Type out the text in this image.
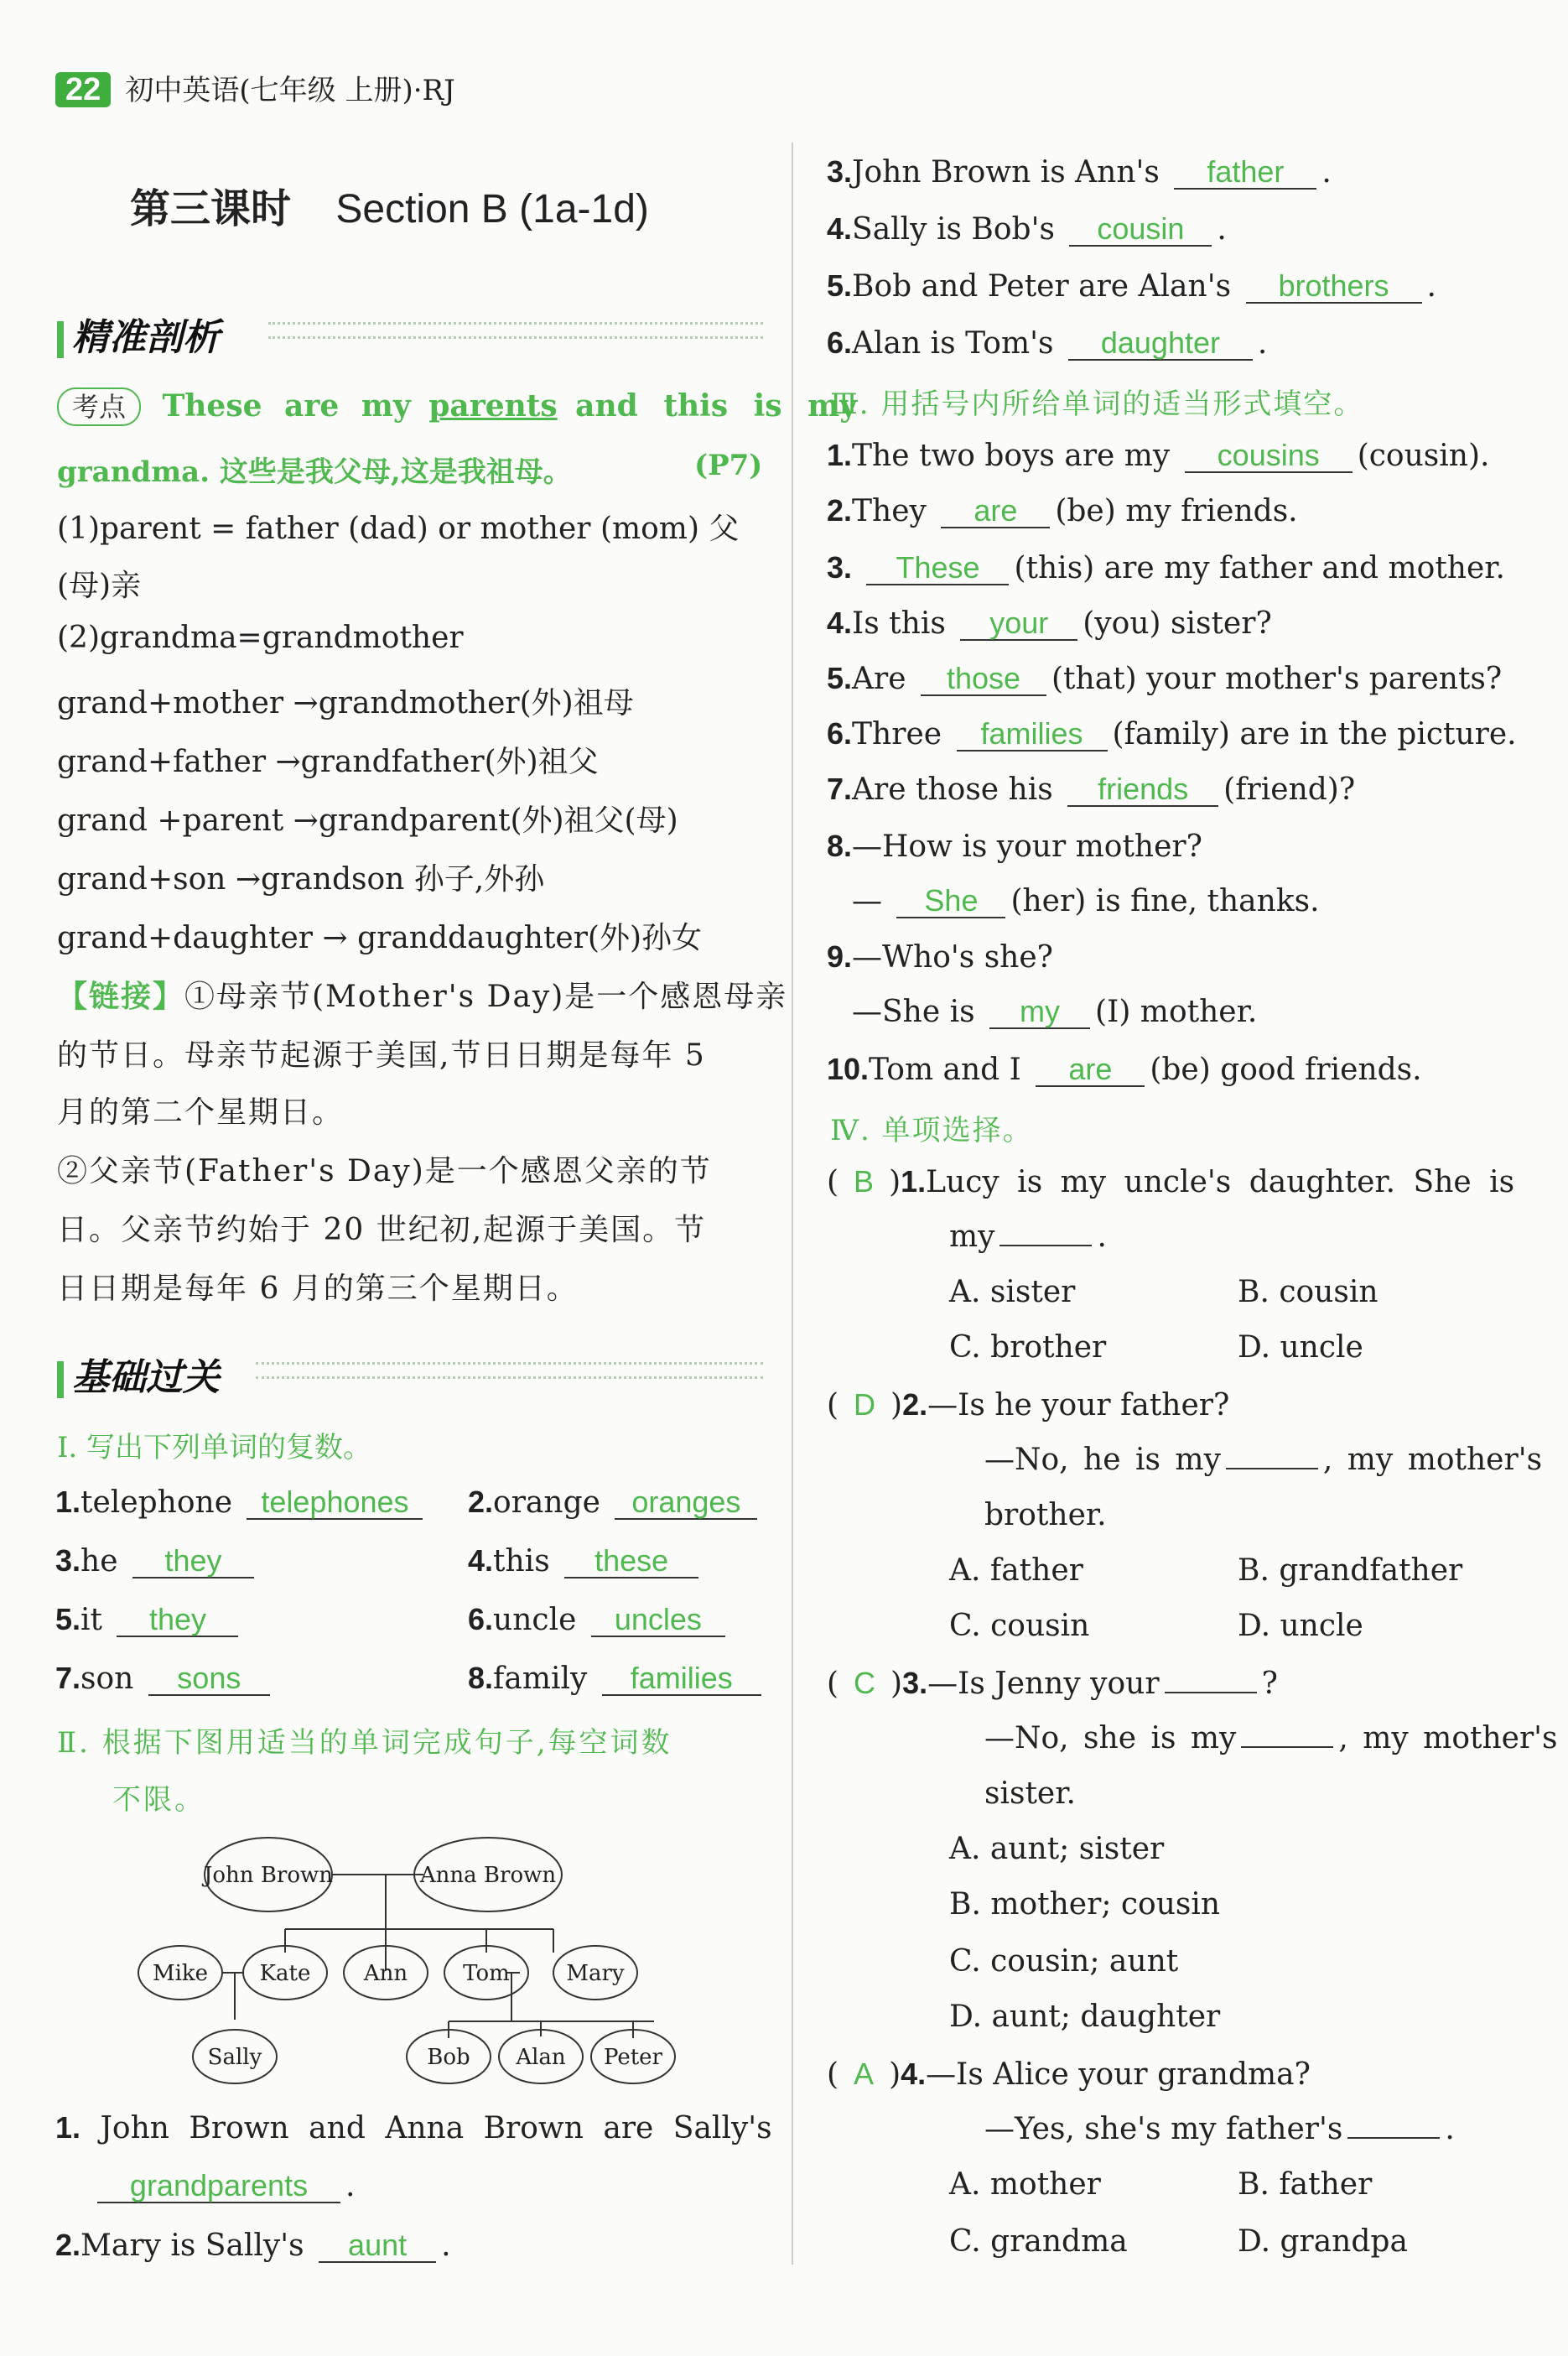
22 初中英语(七年级 上册)·RJ
第三课时 Section B (1a-1d)
精准剖析
考点 These are my parents and this is my
grandma. 这些是我父母,这是我祖母。	(P7)
(1)parent = father (dad) or mother (mom) 父
(母)亲
(2)grandma=grandmother
grand+mother →grandmother(外)祖母
grand+father →grandfather(外)祖父
grand +parent →grandparent(外)祖父(母)
grand+son →grandson 孙子,外孙
grand+daughter → granddaughter(外)孙女
【链接】①母亲节(Mother's Day)是一个感恩母亲
的节日。母亲节起源于美国,节日日期是每年 5
月的第二个星期日。
②父亲节(Father's Day)是一个感恩父亲的节
日。父亲节约始于 20 世纪初,起源于美国。节
日日期是每年 6 月的第三个星期日。
基础过关
Ⅰ. 写出下列单词的复数。
1.telephone telephones	2.orange oranges
3.he they	4.this these
5.it they	6.uncle uncles
7.son sons	8.family families
Ⅱ. 根据下图用适当的单词完成句子,每空词数
不限。
John Brown	Anna Brown
Mike Kate Ann	Tom	Mary
Sally	Bob Alan Peter
1. John Brown and Anna Brown are Sally's
grandparents .
2.Mary is Sally's aunt .
3.John Brown is Ann's father .
4.Sally is Bob's cousin .
5.Bob and Peter are Alan's brothers .
6.Alan is Tom's daughter .
Ⅲ. 用括号内所给单词的适当形式填空。
1.The two boys are my cousins (cousin).
2.They are (be) my friends.
3. These (this) are my father and mother.
4.Is this your (you) sister?
5.Are those (that) your mother's parents?
6.Three families (family) are in the picture.
7.Are those his friends (friend)?
8.—How is your mother?
— She (her) is fine, thanks.
9.—Who's she?
—She is my (I) mother.
10.Tom and I are (be) good friends.
Ⅳ. 单项选择。
( B )1.Lucy is my uncle's daughter. She is
my	.
A. sister	B. cousin
C. brother	D. uncle
( D )2.—Is he your father?
—No, he is my	, my mother's
brother.
A. father	B. grandfather
C. cousin	D. uncle
( C )3.—Is Jenny your	?
—No, she is my	, my mother's
sister.
A. aunt; sister
B. mother; cousin
C. cousin; aunt
D. aunt; daughter
( A )4.—Is Alice your grandma?
—Yes, she's my father's	.
A. mother	B. father
C. grandma	D. grandpa
